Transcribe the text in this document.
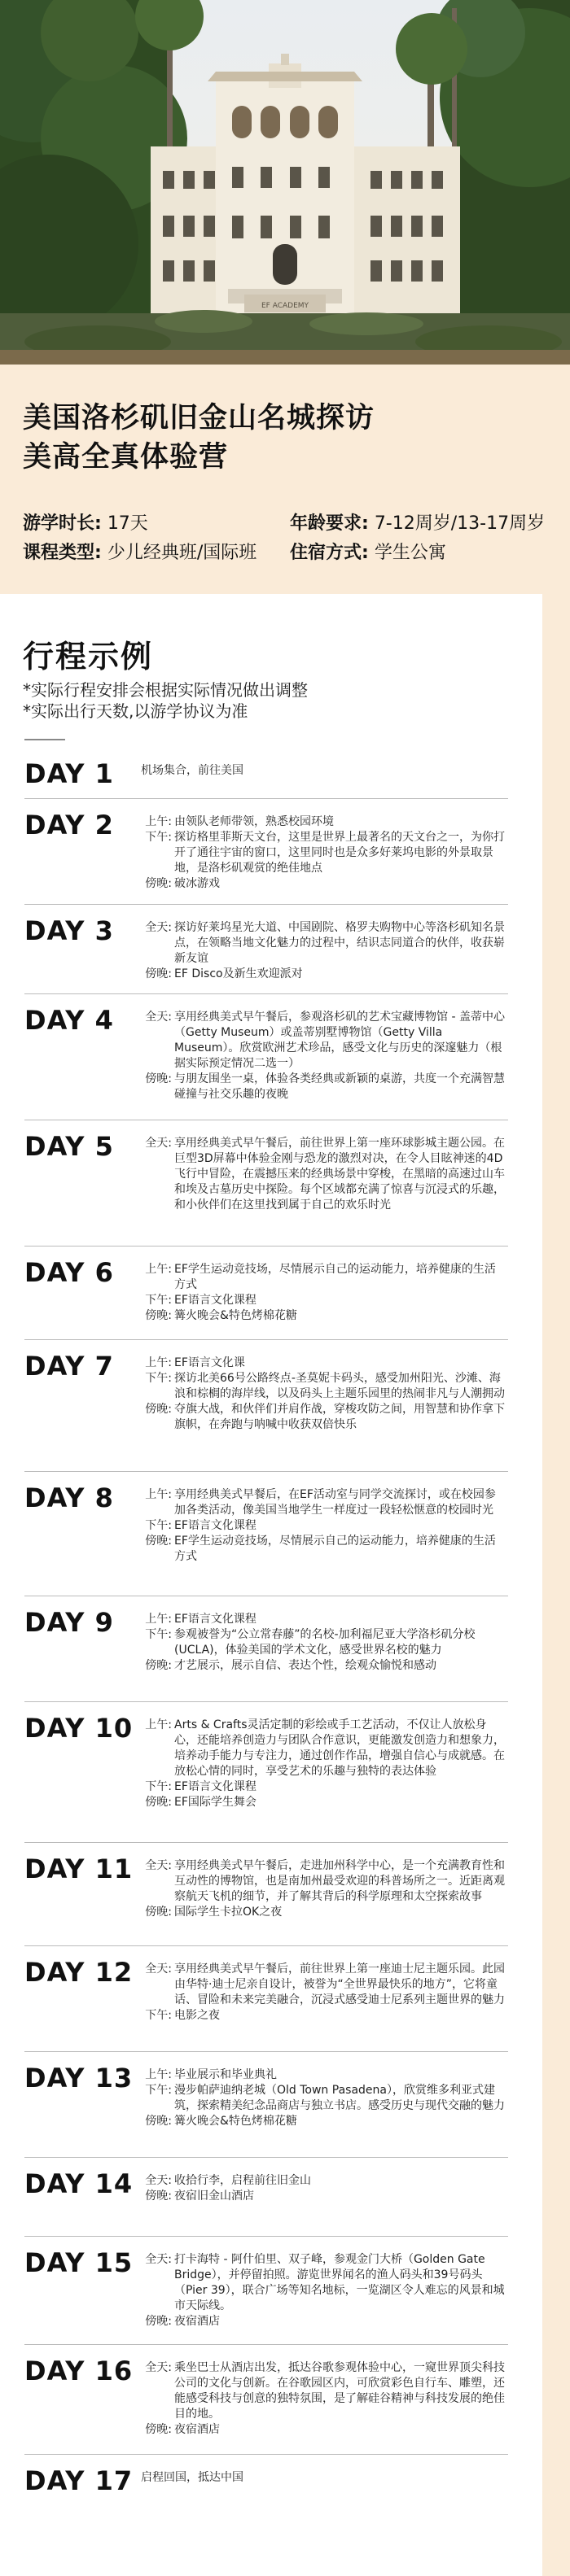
EF ACADEMY
美国洛杉矶旧金山名城探访
美高全真体验营
游学时长: 17天	年龄要求: 7-12周岁/13-17周岁
课程类型: 少儿经典班/国际班 住宿方式: 学生公寓
行程示例
*实际行程安排会根据实际情况做出调整
*实际出行天数,以游学协议为准
DAY 1 机场集合，前往美国
DAY 2	上午: 由领队老师带领，熟悉校园环境
下午: 探访格里菲斯天文台，这里是世界上最著名的天文台之一，为你打开了通往宇宙的窗口，这里同时也是众多好莱坞电影的外景取景地，是洛杉矶观赏的绝佳地点
傍晚: 破冰游戏
DAY 3	全天: 探访好莱坞星光大道、中国剧院、格罗夫购物中心等洛杉矶知名景点，在领略当地文化魅力的过程中，结识志同道合的伙伴，收获崭新友谊
傍晚: EF Disco及新生欢迎派对
DAY 4	全天: 享用经典美式早午餐后，参观洛杉矶的艺术宝藏博物馆 - 盖蒂中心（Getty Museum）或盖蒂别墅博物馆（Getty Villa Museum）。欣赏欧洲艺术珍品，感受文化与历史的深邃魅力（根据实际预定情况二选一）
傍晚: 与朋友围坐一桌，体验各类经典或新颖的桌游，共度一个充满智慧碰撞与社交乐趣的夜晚
DAY 5	全天: 享用经典美式早午餐后，前往世界上第一座环球影城主题公园。在巨型3D屏幕中体验金刚与恐龙的激烈对决，在令人目眩神迷的4D飞行中冒险，在震撼压来的经典场景中穿梭，在黑暗的高速过山车和埃及古墓历史中探险。每个区域都充满了惊喜与沉浸式的乐趣，和小伙伴们在这里找到属于自己的欢乐时光
DAY 6	上午: EF学生运动竞技场，尽情展示自己的运动能力，培养健康的生活方式
下午: EF语言文化课程
傍晚: 篝火晚会&特色烤棉花糖
DAY 7	上午: EF语言文化课
下午: 探访北美66号公路终点-圣莫妮卡码头，感受加州阳光、沙滩、海浪和棕榈的海岸线，以及码头上主题乐园里的热闹非凡与人潮拥动
傍晚: 夺旗大战，和伙伴们并肩作战，穿梭攻防之间，用智慧和协作拿下旗帜，在奔跑与呐喊中收获双倍快乐
DAY 8	上午: 享用经典美式早餐后，在EF活动室与同学交流探讨，或在校园参加各类活动，像美国当地学生一样度过一段轻松惬意的校园时光
下午: EF语言文化课程
傍晚: EF学生运动竞技场，尽情展示自己的运动能力，培养健康的生活方式
DAY 9	上午: EF语言文化课程
下午: 参观被誉为“公立常春藤”的名校-加利福尼亚大学洛杉矶分校(UCLA)，体验美国的学术文化，感受世界名校的魅力
傍晚: 才艺展示，展示自信、表达个性，绘观众愉悦和感动
DAY 10	上午: Arts & Crafts灵活定制的彩绘或手工艺活动，不仅让人放松身心，还能培养创造力与团队合作意识，更能激发创造力和想象力，培养动手能力与专注力，通过创作作品，增强自信心与成就感。在放松心情的同时，享受艺术的乐趣与独特的表达体验
下午: EF语言文化课程
傍晚: EF国际学生舞会
DAY 11	全天: 享用经典美式早午餐后，走进加州科学中心，是一个充满教育性和互动性的博物馆，也是南加州最受欢迎的科普场所之一。近距离观察航天飞机的细节，并了解其背后的科学原理和太空探索故事
傍晚: 国际学生卡拉OK之夜
DAY 12	全天: 享用经典美式早午餐后，前往世界上第一座迪士尼主题乐园。此园由华特·迪士尼亲自设计，被誉为“全世界最快乐的地方”，它将童话、冒险和未来完美融合，沉浸式感受迪士尼系列主题世界的魅力
下午: 电影之夜
DAY 13	上午: 毕业展示和毕业典礼
下午: 漫步帕萨迪纳老城（Old Town Pasadena），欣赏维多利亚式建筑，探索精美纪念品商店与独立书店。感受历史与现代交融的魅力
傍晚: 篝火晚会&特色烤棉花糖
DAY 14	全天: 收拾行李，启程前往旧金山
傍晚: 夜宿旧金山酒店
DAY 15	全天: 打卡海特 - 阿什伯里、双子峰，参观金门大桥（Golden Gate Bridge），并停留拍照。游览世界闻名的渔人码头和39号码头（Pier 39），联合广场等知名地标，一览湖区令人难忘的风景和城市天际线。
傍晚: 夜宿酒店
DAY 16	全天: 乘坐巴士从酒店出发，抵达谷歌参观体验中心，一窥世界顶尖科技公司的文化与创新。在谷歌园区内，可欣赏彩色自行车、雕塑，还能感受科技与创意的独特氛围，是了解硅谷精神与科技发展的绝佳目的地。
傍晚: 夜宿酒店
DAY 17 启程回国，抵达中国
